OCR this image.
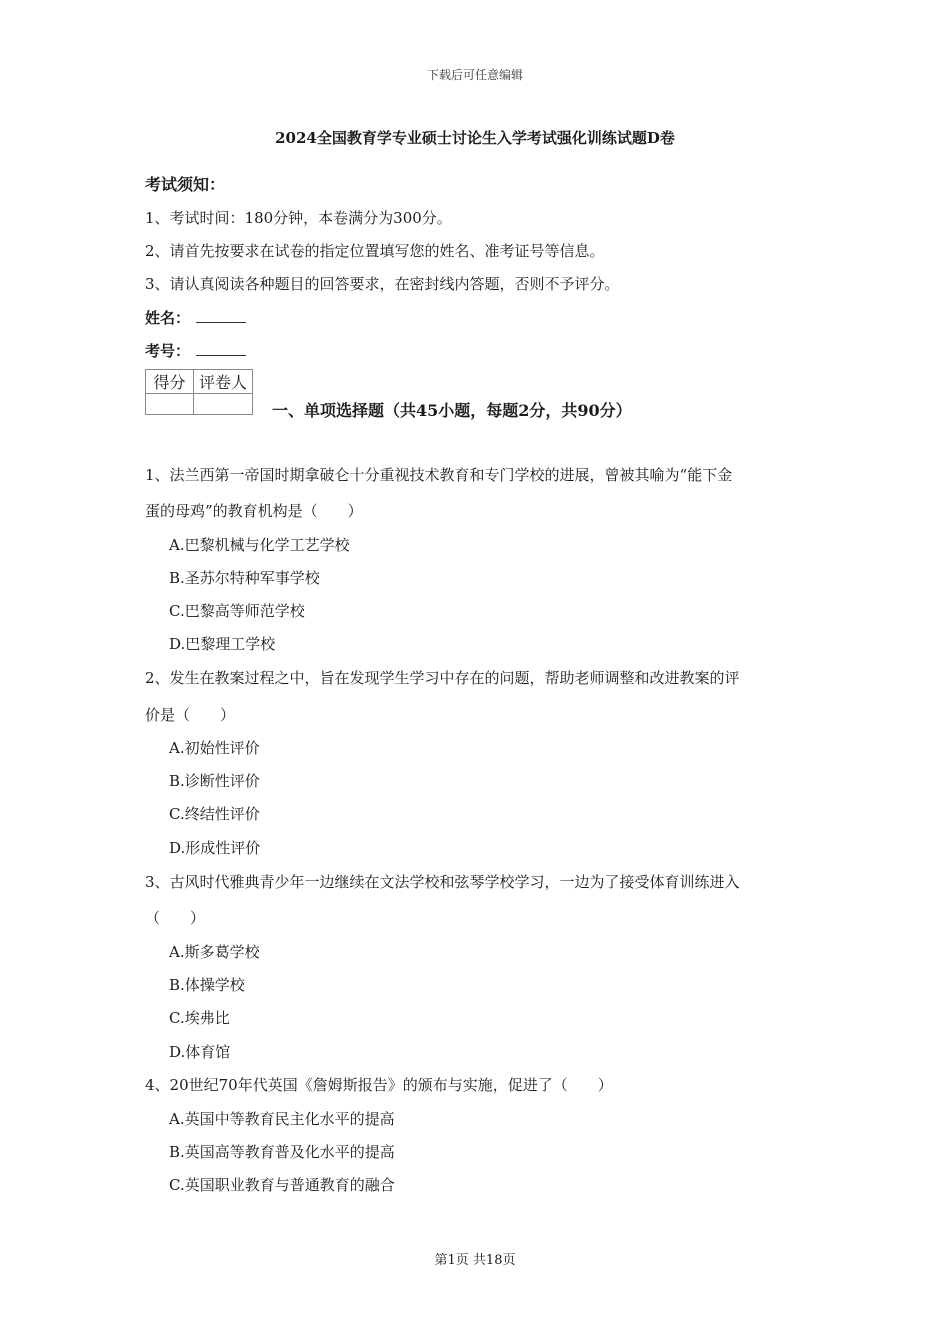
下载后可任意编辑
2024全国教育学专业硕士讨论生入学考试强化训练试题D卷
考试须知：
1、考试时间：180分钟，本卷满分为300分。
2、请首先按要求在试卷的指定位置填写您的姓名、准考证号等信息。
3、请认真阅读各种题目的回答要求，在密封线内答题，否则不予评分。
姓名：
考号：
得分	评卷人

一、单项选择题（共45小题，每题2分，共90分）
1、法兰西第一帝国时期拿破仑十分重视技术教育和专门学校的进展，曾被其喻为“能下金
蛋的母鸡”的教育机构是（　　）
A.巴黎机械与化学工艺学校
B.圣苏尔特种军事学校
C.巴黎高等师范学校
D.巴黎理工学校
2、发生在教案过程之中，旨在发现学生学习中存在的问题，帮助老师调整和改进教案的评
价是（　　）
A.初始性评价
B.诊断性评价
C.终结性评价
D.形成性评价
3、古风时代雅典青少年一边继续在文法学校和弦琴学校学习，一边为了接受体育训练进入
（　　）
A.斯多葛学校
B.体操学校
C.埃弗比
D.体育馆
4、20世纪70年代英国《詹姆斯报告》的颁布与实施，促进了（　　）
A.英国中等教育民主化水平的提高
B.英国高等教育普及化水平的提高
C.英国职业教育与普通教育的融合
第1页 共18页
